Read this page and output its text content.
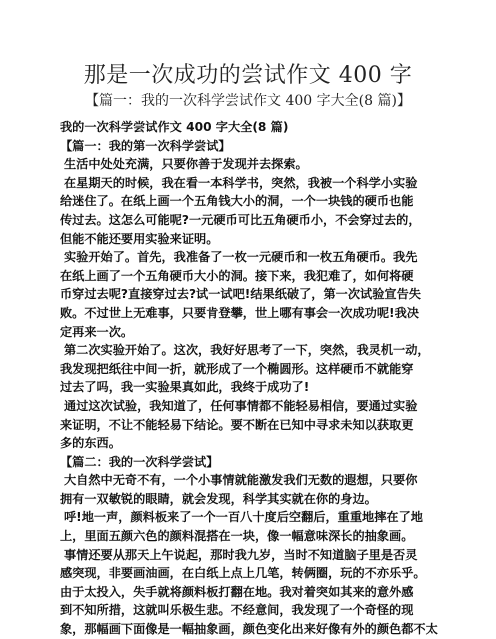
那是一次成功的尝试作文 400 字
【篇一：我的一次科学尝试作文 400 字大全(8 篇)】
我的一次科学尝试作文 400 字大全(8 篇)
【篇一：我的第一次科学尝试】
生活中处处充满，只要你善于发现并去探索。
在星期天的时候，我在看一本科学书，突然，我被一个科学小实验
给迷住了。在纸上画一个五角钱大小的洞，一个一块钱的硬币也能
传过去。这怎么可能呢?一元硬币可比五角硬币小，不会穿过去的，
但能不能还要用实验来证明。
实验开始了。首先，我准备了一枚一元硬币和一枚五角硬币。我先
在纸上画了一个五角硬币大小的洞。接下来，我犯难了，如何将硬
币穿过去呢?直接穿过去?试一试吧!结果纸破了，第一次试验宣告失
败。不过世上无难事，只要肯登攀，世上哪有事会一次成功呢!我决
定再来一次。
第二次实验开始了。这次，我好好思考了一下，突然，我灵机一动，
我发现把纸往中间一折，就形成了一个椭圆形。这样硬币不就能穿
过去了吗，我一实验果真如此，我终于成功了!
通过这次试验，我知道了，任何事情都不能轻易相信，要通过实验
来证明，不让不能轻易下结论。要不断在已知中寻求未知以获取更
多的东西。
【篇二：我的一次科学尝试】
大自然中无奇不有，一个小事情就能激发我们无数的遐想，只要你
拥有一双敏锐的眼睛，就会发现，科学其实就在你的身边。
呼!地一声，颜料板来了一个一百八十度后空翻后，重重地摔在了地
上，里面五颜六色的颜料混搭在一块，像一幅意味深长的抽象画。
事情还要从那天上午说起，那时我九岁，当时不知道脑子里是否灵
感突现，非要画油画，在白纸上点上几笔，转俩圈，玩的不亦乐乎。
由于太投入，失手就将颜料板打翻在地。我对着突如其来的意外感
到不知所措，这就叫乐极生悲。不经意间，我发现了一个奇怪的现
象，那幅画下面像是一幅抽象画，颜色变化出来好像有外的颜色都不太
